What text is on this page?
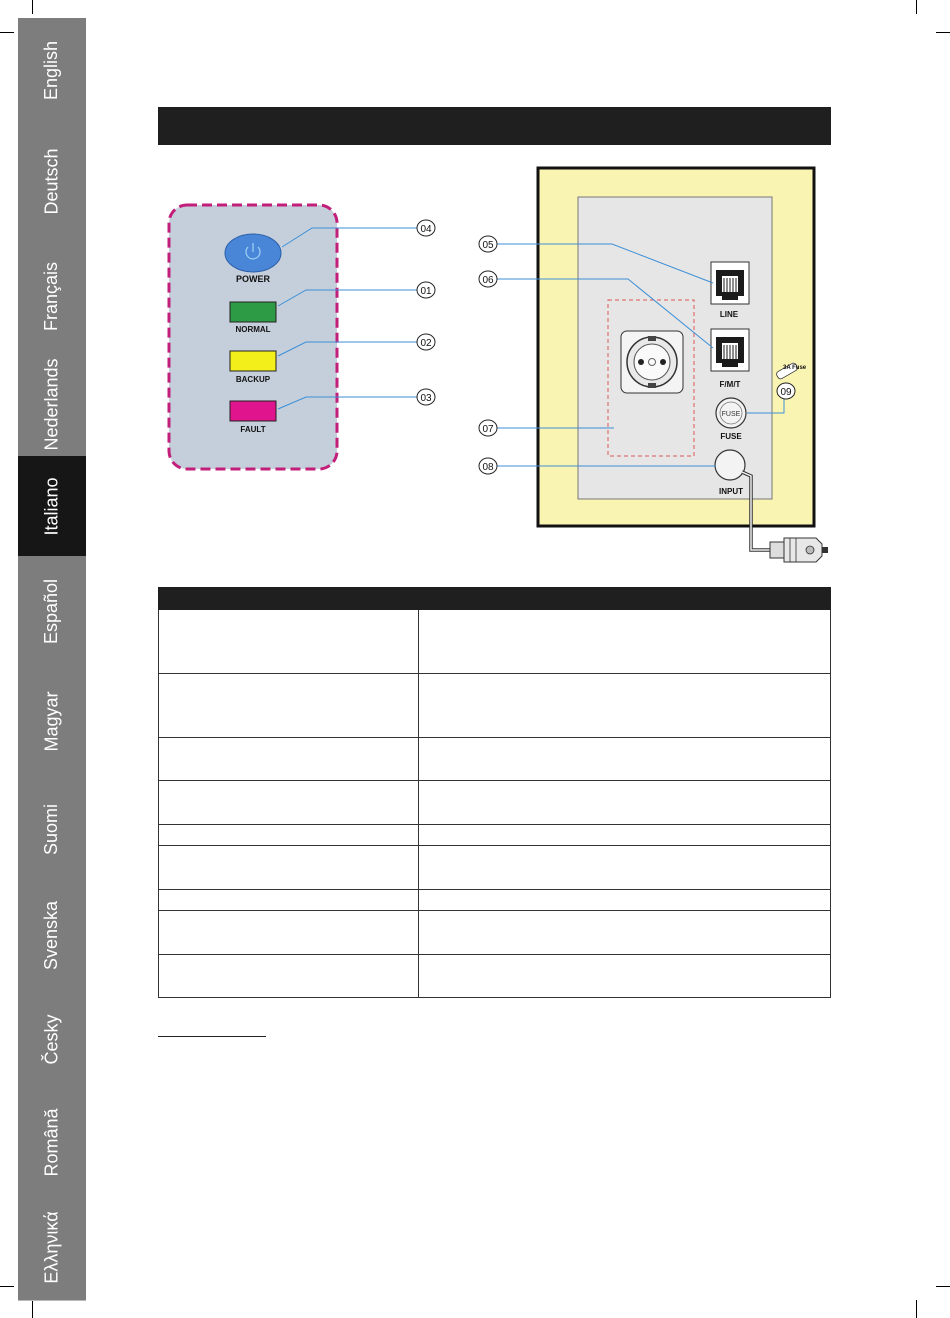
English
Deutsch
Français
Nederlands
Italiano
Español
Magyar
Suomi
Svenska
Česky
Română
Ελληνικά
POWER
NORMAL
BACKUP
FAULT
04
01
02
03
LINE
F/M/T
FUSE
FUSE
3A Fuse
INPUT
05
06
07
08
09
